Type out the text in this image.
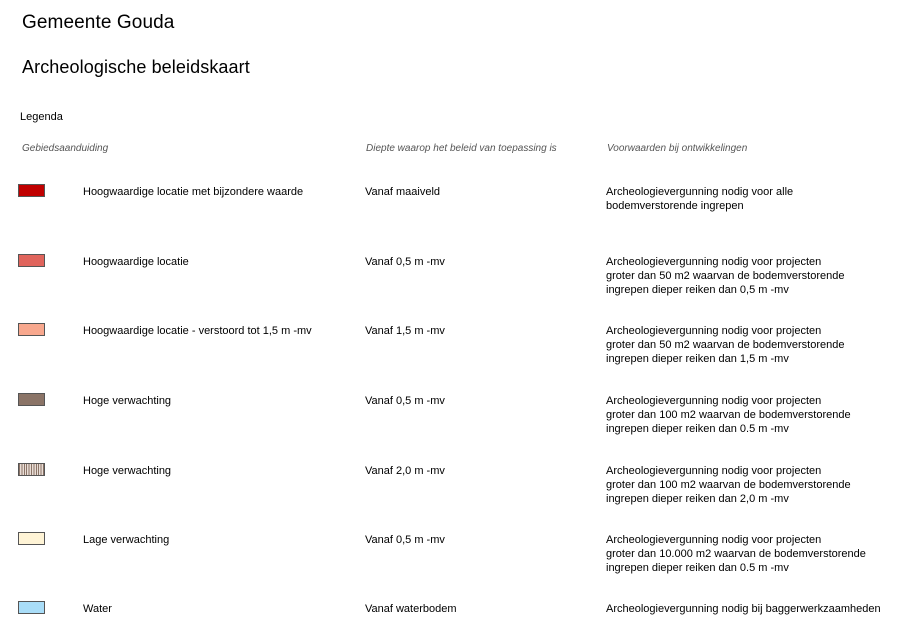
Gemeente Gouda
Archeologische beleidskaart
Legenda
Gebiedsaanduiding	Diepte waarop het beleid van toepassing is	Voorwaarden bij ontwikkelingen
Hoogwaardige locatie met bijzondere waarde	Vanaf maaiveld	Archeologievergunning nodig voor alle
bodemverstorende ingrepen
Hoogwaardige locatie	Vanaf 0,5 m -mv	Archeologievergunning nodig voor projecten
groter dan 50 m2 waarvan de bodemverstorende
ingrepen dieper reiken dan 0,5 m -mv
Hoogwaardige locatie - verstoord tot 1,5 m -mv	Vanaf 1,5 m -mv	Archeologievergunning nodig voor projecten
groter dan 50 m2 waarvan de bodemverstorende
ingrepen dieper reiken dan 1,5 m -mv
Hoge verwachting	Vanaf 0,5 m -mv	Archeologievergunning nodig voor projecten
groter dan 100 m2 waarvan de bodemverstorende
ingrepen dieper reiken dan 0.5 m -mv
Hoge verwachting	Vanaf 2,0 m -mv	Archeologievergunning nodig voor projecten
groter dan 100 m2 waarvan de bodemverstorende
ingrepen dieper reiken dan 2,0 m -mv
Lage verwachting	Vanaf 0,5 m -mv	Archeologievergunning nodig voor projecten
groter dan 10.000 m2 waarvan de bodemverstorende
ingrepen dieper reiken dan 0.5 m -mv
Water	Vanaf waterbodem	Archeologievergunning nodig bij baggerwerkzaamheden
